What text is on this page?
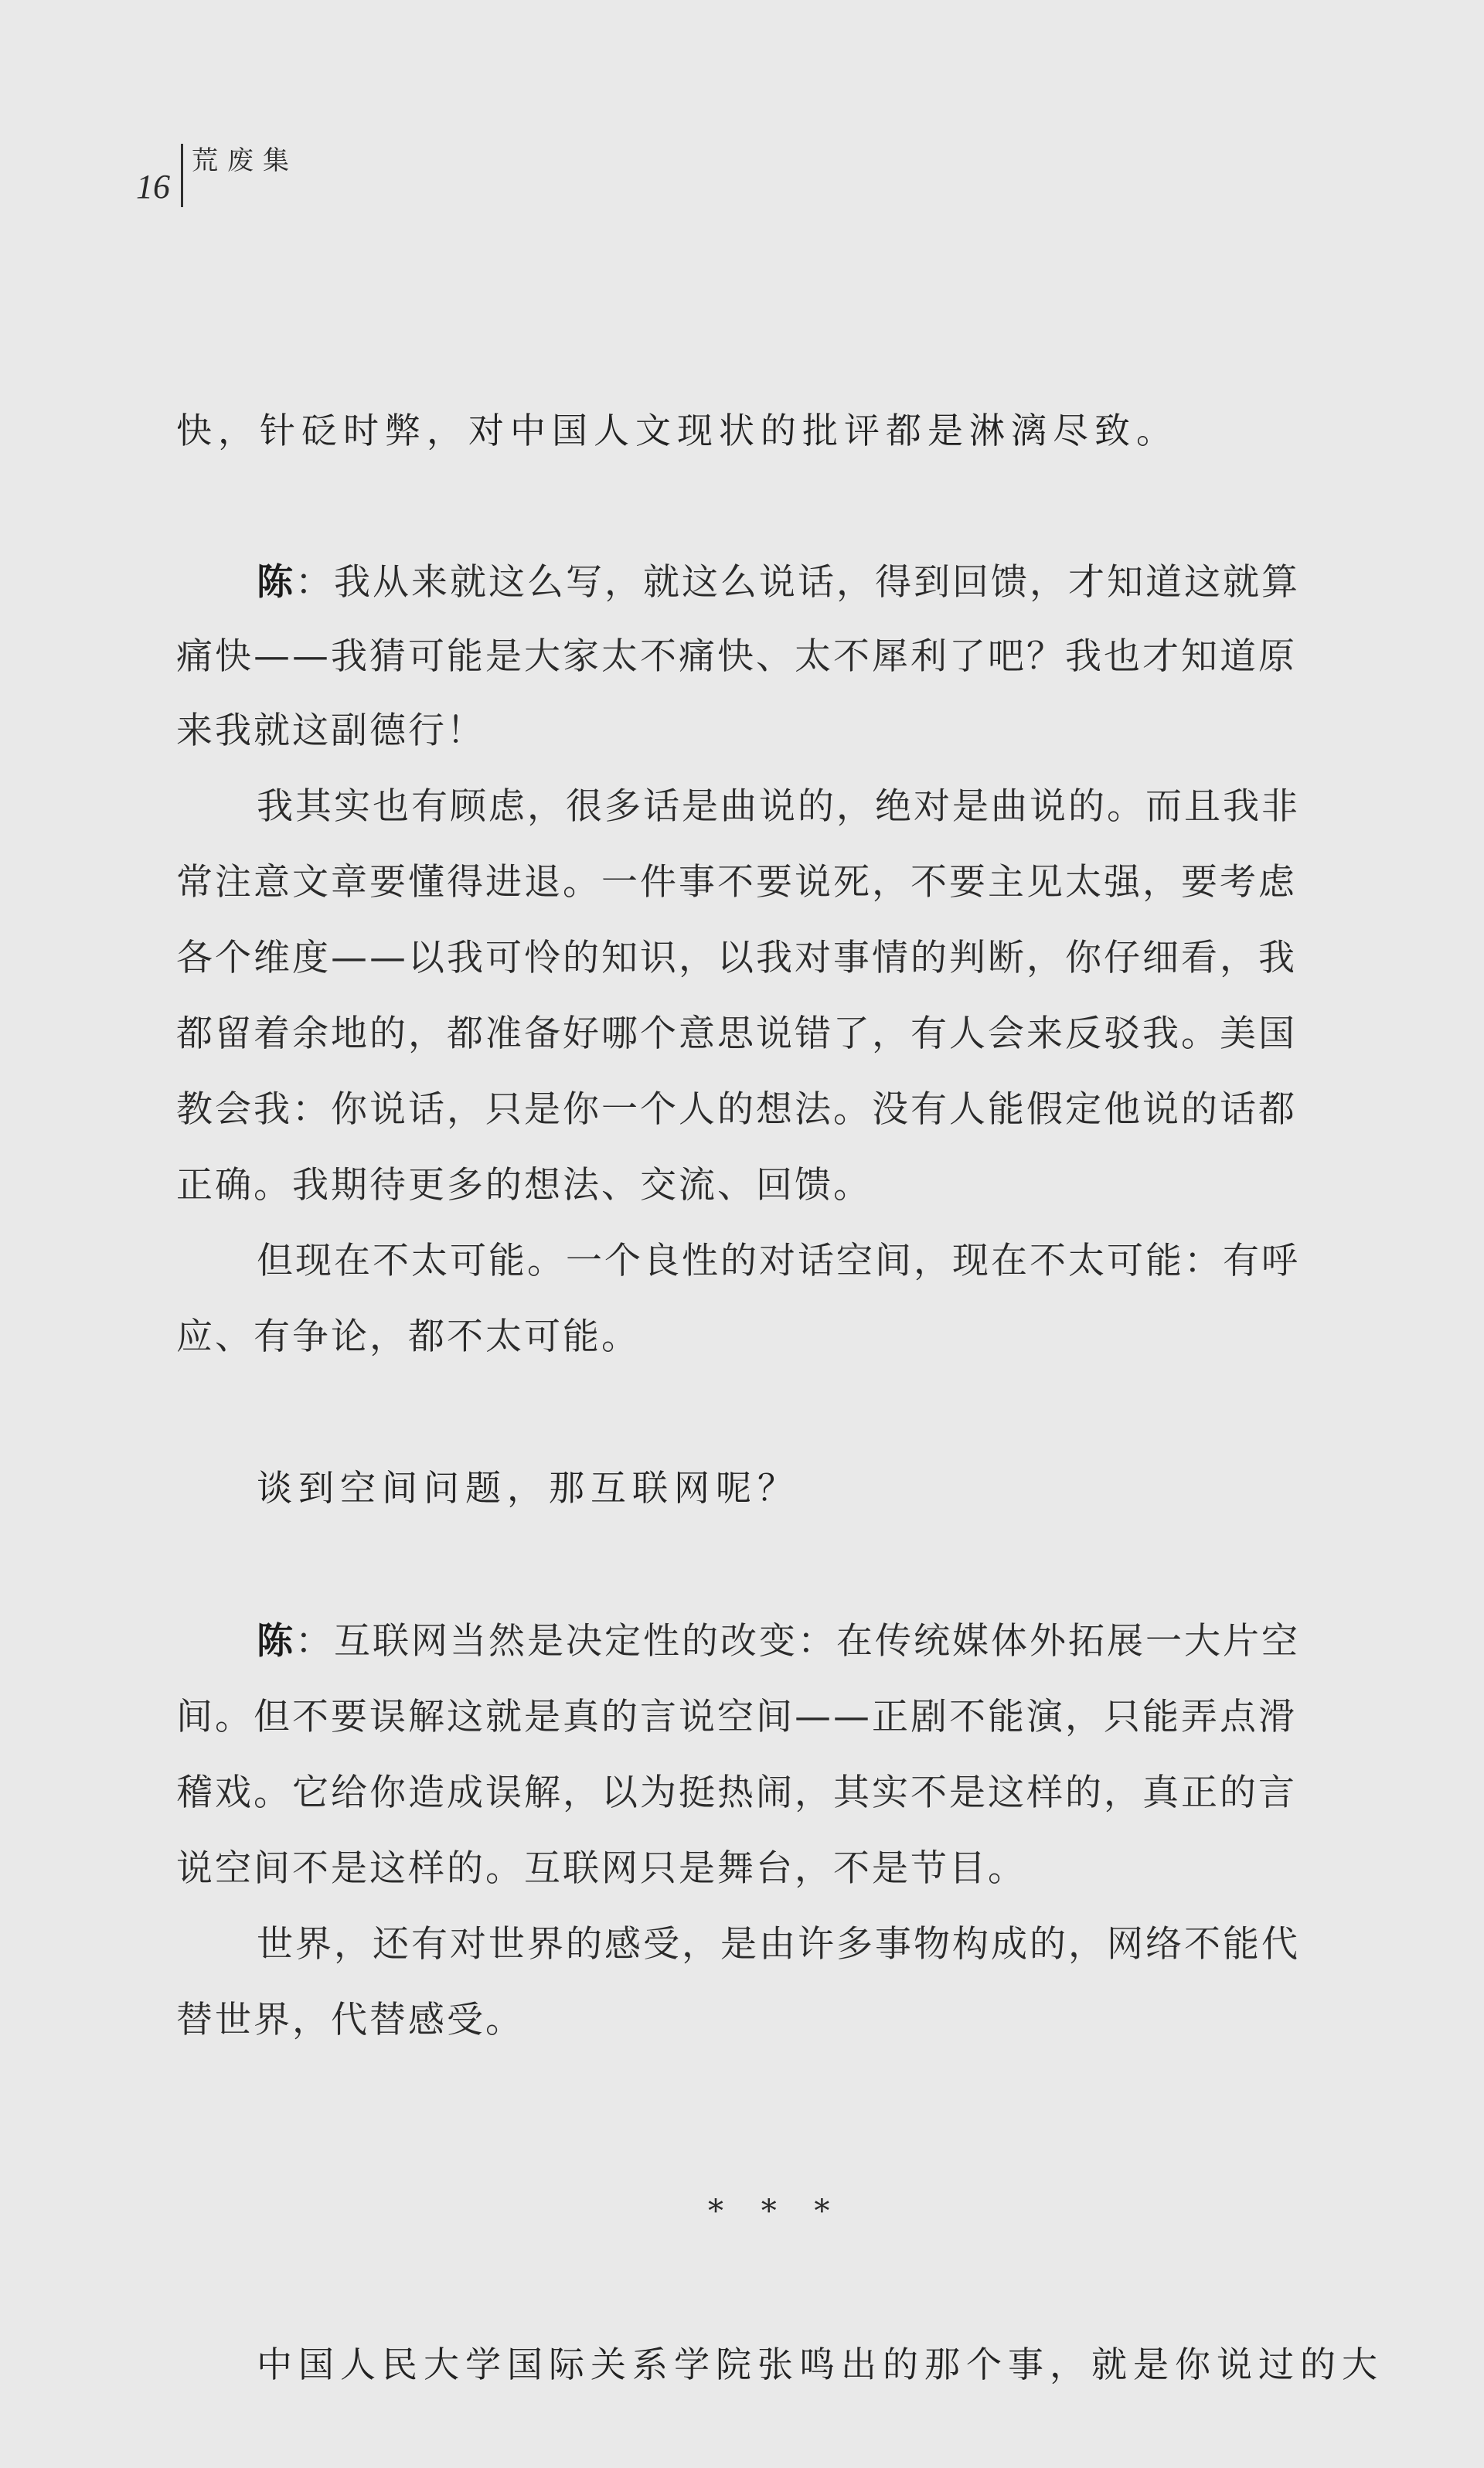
16
荒废集
快，针砭时弊，对中国人文现状的批评都是淋漓尽致。
陈：我从来就这么写，就这么说话，得到回馈，才知道这就算
痛快——我猜可能是大家太不痛快、太不犀利了吧？我也才知道原
来我就这副德行！
我其实也有顾虑，很多话是曲说的，绝对是曲说的。而且我非
常注意文章要懂得进退。一件事不要说死，不要主见太强，要考虑
各个维度——以我可怜的知识，以我对事情的判断，你仔细看，我
都留着余地的，都准备好哪个意思说错了，有人会来反驳我。美国
教会我：你说话，只是你一个人的想法。没有人能假定他说的话都
正确。我期待更多的想法、交流、回馈。
但现在不太可能。一个良性的对话空间，现在不太可能：有呼
应、有争论，都不太可能。
谈到空间问题，那互联网呢？
陈：互联网当然是决定性的改变：在传统媒体外拓展一大片空
间。但不要误解这就是真的言说空间——正剧不能演，只能弄点滑
稽戏。它给你造成误解，以为挺热闹，其实不是这样的，真正的言
说空间不是这样的。互联网只是舞台，不是节目。
世界，还有对世界的感受，是由许多事物构成的，网络不能代
替世界，代替感受。
* * *
中国人民大学国际关系学院张鸣出的那个事，就是你说过的大
